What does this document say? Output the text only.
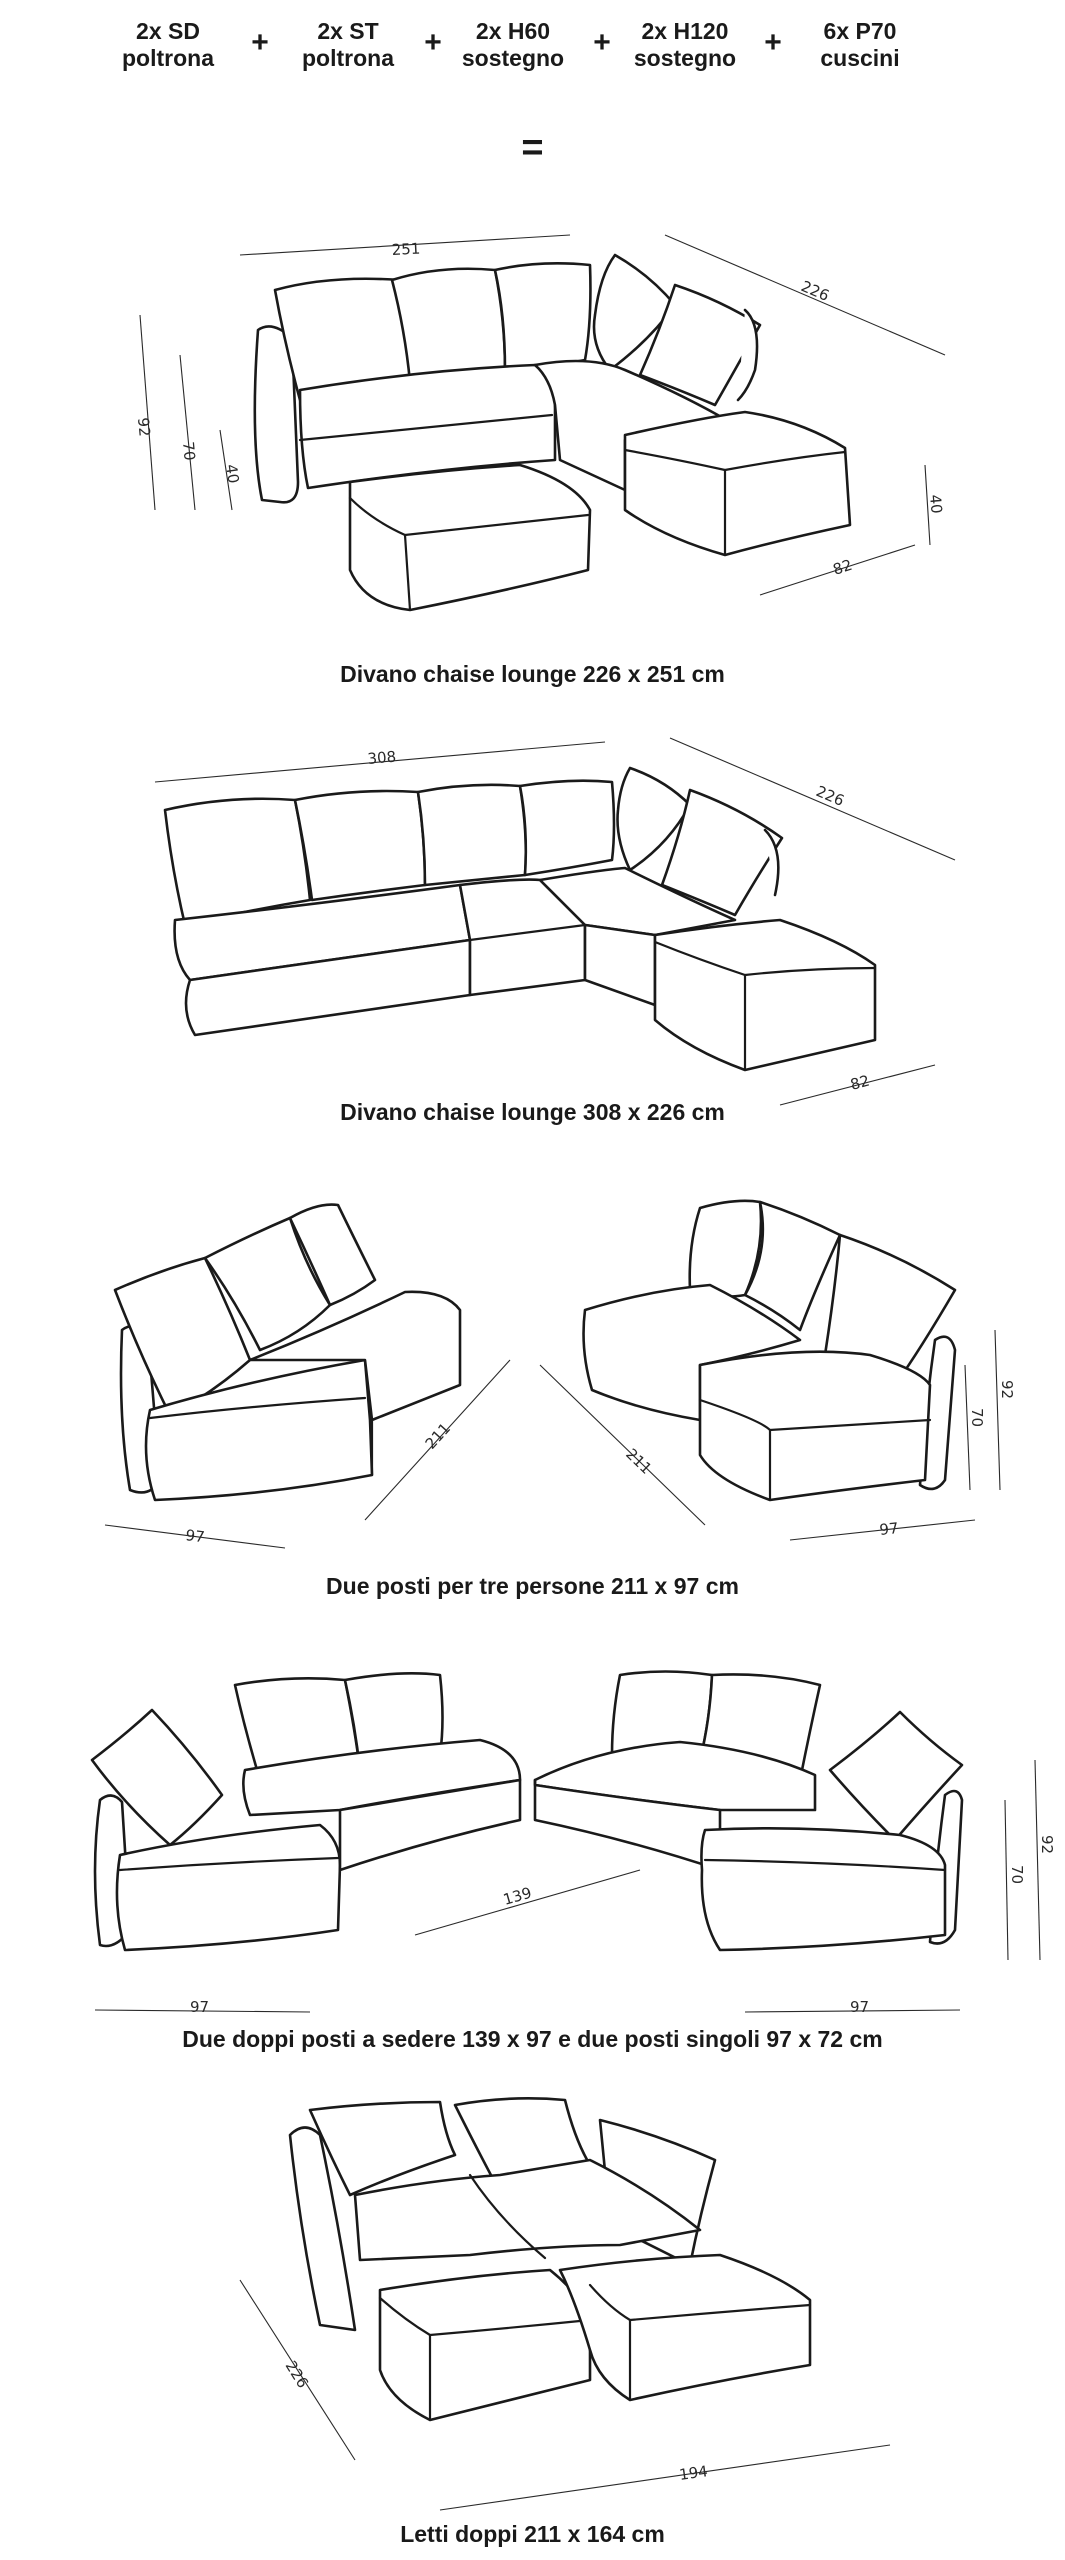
2x SD
poltrona	+	2x ST
poltrona	+	2x H60
sostegno +	2x H120
sostegno +	6x P70
cuscini
=
251
226
92
70
40
40
82
Divano chaise lounge 226 x 251 cm
308
226
82
Divano chaise lounge 308 x 226 cm
97
211
211
97
92
70
Due posti per tre persone 211 x 97 cm
97	97
139
92
70
Due doppi posti a sedere 139 x 97 e due posti singoli 97 x 72 cm
226
194
Letti doppi 211 x 164 cm
